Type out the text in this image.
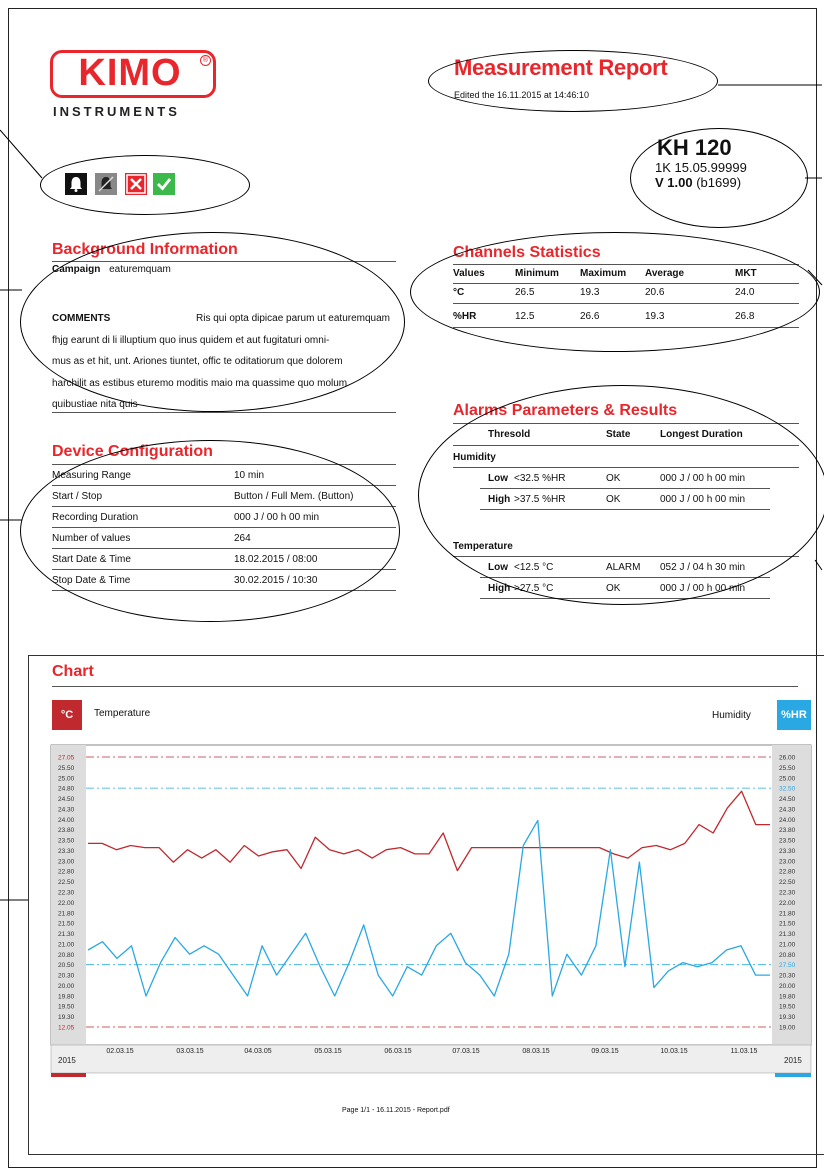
KIMO	®
INSTRUMENTS
Measurement Report
Edited the 16.11.2015 at 14:46:10
KH 120
1K 15.05.99999
V 1.00 (b1699)
Background Information
Campaign eaturemquam
COMMENTS	Ris qui opta dipicae parum ut eaturemquam
fhjg earunt di li illuptium quo inus quidem et aut fugitaturi omni-
mus as et hit, unt. Ariones tiuntet, offic te oditatiorum que dolorem
harchilit as estibus eturemo moditis maio ma quassime quo molum
quibustiae nita quis
Device Configuration
Measuring Range	10 min
Start / Stop	Button / Full Mem. (Button)
Recording Duration	000 J / 00 h 00 min
Number of values	264
Start Date & Time	18.02.2015 / 08:00
Stop Date & Time	30.02.2015 / 10:30
Channels Statistics
Values	Minimum Maximum Average	MKT
°C	26.5	19.3	20.6	24.0
%HR	12.5	26.6	19.3	26.8
Alarms Parameters & Results
Thresold	State	Longest Duration
Humidity
Low <32.5 %HR	OK	000 J / 00 h 00 min
High >37.5 %HR	OK	000 J / 00 h 00 min
Temperature
Low <12.5 °C	ALARM 052 J / 04 h 30 min
High >27.5 °C	OK	000 J / 00 h 00 min
Chart
°C	Temperature	Humidity	%HR
2015	2015
27.05
25.50
25.00
24.80
24.50
24.30
24.00
23.80
23.50
23.30
23.00
22.80
22.50
22.30
22.00
21.80
21.50
21.30
21.00
20.80
20.50
20.30
20.00
19.80
19.50
19.30
12.05
26.00
25.50
25.00
32.50
24.50
24.30
24.00
23.80
23.50
23.30
23.00
22.80
22.50
22.30
22.00
21.80
21.50
21.30
21.00
20.80
27.50
20.30
20.00
19.80
19.50
19.30
19.00
02.03.15	03.03.15	04.03.05	05.03.15	06.03.15	07.03.15	08.03.15	09.03.15	10.03.15	11.03.15
Page 1/1 - 16.11.2015 - Report.pdf
